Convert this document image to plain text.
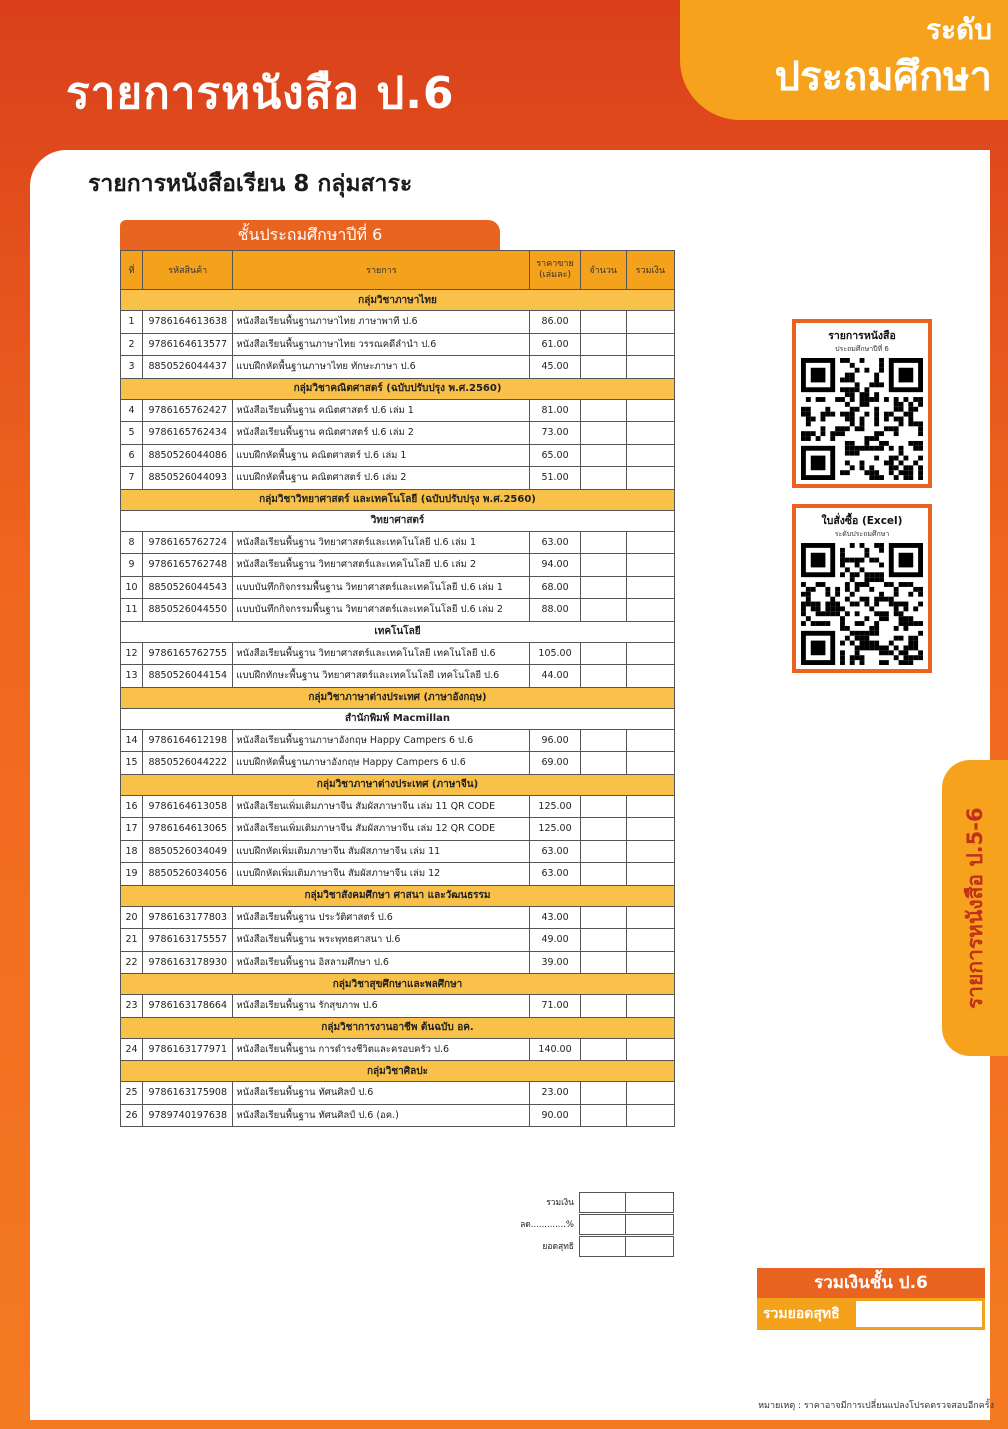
รายการหนังสือ ป.6
ระดับ
ประถมศึกษา
รายการหนังสือเรียน 8 กลุ่มสาระ
ชั้นประถมศึกษาปีที่ 6
ที่	รหัสสินค้า	รายการ	ราคาขาย (เล่มละ)	จำนวน	รวมเงิน
กลุ่มวิชาภาษาไทย					
1	9786164613638	หนังสือเรียนพื้นฐานภาษาไทย ภาษาพาที ป.6	86.00		
2	9786164613577	หนังสือเรียนพื้นฐานภาษาไทย วรรณคดีลำนำ ป.6	61.00		
3	8850526044437	แบบฝึกหัดพื้นฐานภาษาไทย ทักษะภาษา ป.6	45.00		
กลุ่มวิชาคณิตศาสตร์ (ฉบับปรับปรุง พ.ศ.2560)					
4	9786165762427	หนังสือเรียนพื้นฐาน คณิตศาสตร์ ป.6 เล่ม 1	81.00		
5	9786165762434	หนังสือเรียนพื้นฐาน คณิตศาสตร์ ป.6 เล่ม 2	73.00		
6	8850526044086	แบบฝึกหัดพื้นฐาน คณิตศาสตร์ ป.6 เล่ม 1	65.00		
7	8850526044093	แบบฝึกหัดพื้นฐาน คณิตศาสตร์ ป.6 เล่ม 2	51.00		
กลุ่มวิชาวิทยาศาสตร์ และเทคโนโลยี (ฉบับปรับปรุง พ.ศ.2560)					
วิทยาศาสตร์					
8	9786165762724	หนังสือเรียนพื้นฐาน วิทยาศาสตร์และเทคโนโลยี ป.6 เล่ม 1	63.00		
9	9786165762748	หนังสือเรียนพื้นฐาน วิทยาศาสตร์และเทคโนโลยี ป.6 เล่ม 2	94.00		
10	8850526044543	แบบบันทึกกิจกรรมพื้นฐาน วิทยาศาสตร์และเทคโนโลยี ป.6 เล่ม 1	68.00		
11	8850526044550	แบบบันทึกกิจกรรมพื้นฐาน วิทยาศาสตร์และเทคโนโลยี ป.6 เล่ม 2	88.00		
เทคโนโลยี					
12	9786165762755	หนังสือเรียนพื้นฐาน วิทยาศาสตร์และเทคโนโลยี เทคโนโลยี ป.6	105.00		
13	8850526044154	แบบฝึกทักษะพื้นฐาน วิทยาศาสตร์และเทคโนโลยี เทคโนโลยี ป.6	44.00		
กลุ่มวิชาภาษาต่างประเทศ (ภาษาอังกฤษ)					
สำนักพิมพ์ Macmillan					
14	9786164612198	หนังสือเรียนพื้นฐานภาษาอังกฤษ Happy Campers 6 ป.6	96.00		
15	8850526044222	แบบฝึกหัดพื้นฐานภาษาอังกฤษ Happy Campers 6 ป.6	69.00		
กลุ่มวิชาภาษาต่างประเทศ (ภาษาจีน)					
16	9786164613058	หนังสือเรียนเพิ่มเติมภาษาจีน สัมผัสภาษาจีน เล่ม 11 QR CODE	125.00		
17	9786164613065	หนังสือเรียนเพิ่มเติมภาษาจีน สัมผัสภาษาจีน เล่ม 12 QR CODE	125.00		
18	8850526034049	แบบฝึกหัดเพิ่มเติมภาษาจีน สัมผัสภาษาจีน เล่ม 11	63.00		
19	8850526034056	แบบฝึกหัดเพิ่มเติมภาษาจีน สัมผัสภาษาจีน เล่ม 12	63.00		
กลุ่มวิชาสังคมศึกษา ศาสนา และวัฒนธรรม					
20	9786163177803	หนังสือเรียนพื้นฐาน ประวัติศาสตร์ ป.6	43.00		
21	9786163175557	หนังสือเรียนพื้นฐาน พระพุทธศาสนา ป.6	49.00		
22	9786163178930	หนังสือเรียนพื้นฐาน อิสลามศึกษา ป.6	39.00		
กลุ่มวิชาสุขศึกษาและพลศึกษา					
23	9786163178664	หนังสือเรียนพื้นฐาน รักสุขภาพ ป.6	71.00		
กลุ่มวิชาการงานอาชีพ ต้นฉบับ อค.					
24	9786163177971	หนังสือเรียนพื้นฐาน การดำรงชีวิตและครอบครัว ป.6	140.00		
กลุ่มวิชาศิลปะ					
25	9786163175908	หนังสือเรียนพื้นฐาน ทัศนศิลป์ ป.6	23.00		
26	9789740197638	หนังสือเรียนพื้นฐาน ทัศนศิลป์ ป.6 (อค.)	90.00		
รวมเงิน
ลด.............%
ยอดสุทธิ
รายการหนังสือ
ประถมศึกษาปีที่ 6
ใบสั่งซื้อ (Excel)
ระดับประถมศึกษา
รายการหนังสือ ป.5-6
รวมเงินชั้น ป.6
รวมยอดสุทธิ
หมายเหตุ : ราคาอาจมีการเปลี่ยนแปลงโปรดตรวจสอบอีกครั้ง
